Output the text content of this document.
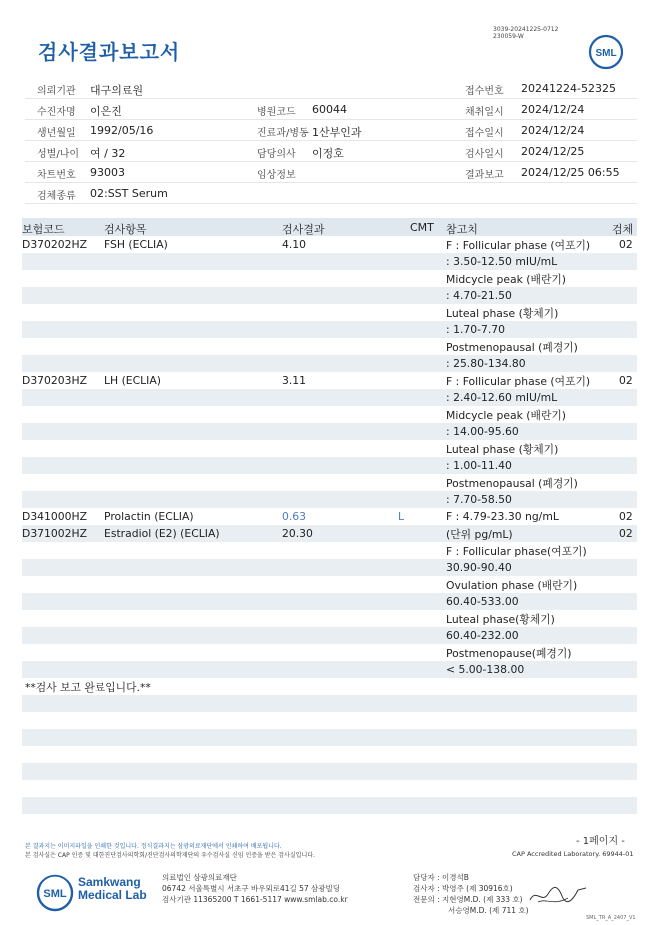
검사결과보고서
3039-20241225-0712
230059-W
SML
의뢰기관 대구의료원	접수번호 20241224-52325
수진자명 이은진	병원코드 60044	채취일시 2024/12/24
생년월일 1992/05/16	진료과/병동 1산부인과	접수일시 2024/12/24
성별/나이 여 / 32	담당의사 이정호	검사일시 2024/12/25
차트번호 93003	임상정보	결과보고 2024/12/25 06:55
검체종류 02:SST Serum
보험코드	검사항목	검사결과	CMT 참고치	검체
D370202HZ FSH (ECLIA)	4.10	F : Follicular phase (여포기)	02
: 3.50-12.50 mIU/mL
Midcycle peak (배란기)
: 4.70-21.50
Luteal phase (황체기)
: 1.70-7.70
Postmenopausal (폐경기)
: 25.80-134.80
D370203HZ LH (ECLIA)	3.11	F : Follicular phase (여포기)	02
: 2.40-12.60 mIU/mL
Midcycle peak (배란기)
: 14.00-95.60
Luteal phase (황체기)
: 1.00-11.40
Postmenopausal (폐경기)
: 7.70-58.50
D341000HZ Prolactin (ECLIA)	0.63	L	F : 4.79-23.30 ng/mL	02
D371002HZ Estradiol (E2) (ECLIA)	20.30	(단위 pg/mL)	02
F : Follicular phase(여포기)
30.90-90.40
Ovulation phase (배란기)
60.40-533.00
Luteal phase(황체기)
60.40-232.00
Postmenopause(폐경기)
< 5.00-138.00
**검사 보고 완료입니다.**
- 1페이지 -
본 결과지는 이미지파일을 인쇄한 것입니다. 정식결과지는 삼광의료재단에서 인쇄하여 배포됩니다.
본 검사실은 CAP 인증 및 대한진단검사의학회/진단검사의학재단의 우수검사실 신임 인증을 받은 검사실입니다.	CAP Accredited Laboratory. 69944-01
SML
Samkwang
Medical Lab
의료법인 삼광의료재단
06742 서울특별시 서초구 바우뫼로41길 57 삼광빌딩
검사기관 11365200 T 1661-5117 www.smlab.co.kr
담당자 : 이경석B
검사자 : 박영주 (제 30916호)
전문의 : 지현영M.D. (제 333 호)
서승영M.D. (제 711 호)
SML_TR_A_2407_V1
